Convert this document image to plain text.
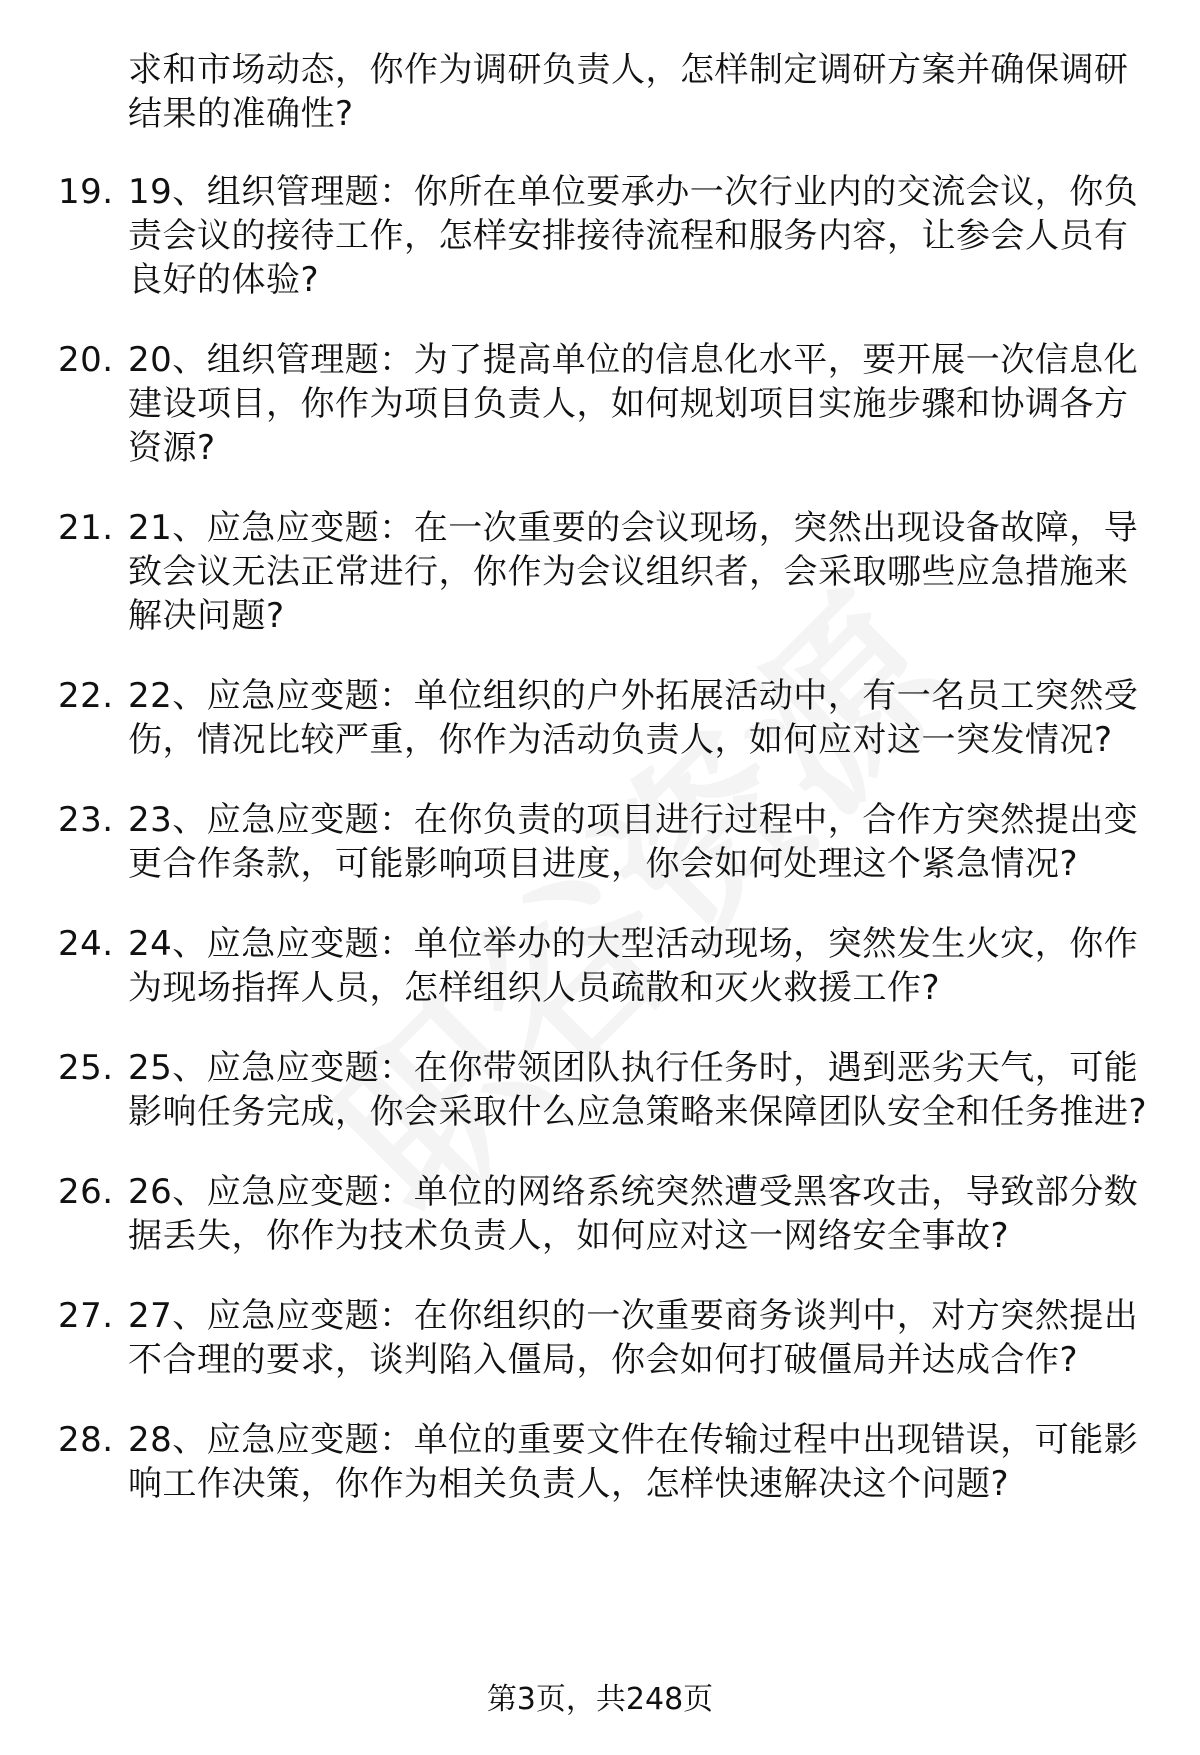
求和市场动态，你作为调研负责人，怎样制定调研方案并确保调研结果的准确性?
19. 19、组织管理题：你所在单位要承办一次行业内的交流会议，你负责会议的接待工作，怎样安排接待流程和服务内容，让参会人员有良好的体验?
20. 20、组织管理题：为了提高单位的信息化水平，要开展一次信息化建设项目，你作为项目负责人，如何规划项目实施步骤和协调各方资源?
21. 21、应急应变题：在一次重要的会议现场，突然出现设备故障，导致会议无法正常进行，你作为会议组织者，会采取哪些应急措施来解决问题?
22. 22、应急应变题：单位组织的户外拓展活动中，有一名员工突然受伤，情况比较严重，你作为活动负责人，如何应对这一突发情况?
23. 23、应急应变题：在你负责的项目进行过程中，合作方突然提出变更合作条款，可能影响项目进度，你会如何处理这个紧急情况?
24. 24、应急应变题：单位举办的大型活动现场，突然发生火灾，你作为现场指挥人员，怎样组织人员疏散和灭火救援工作?
25. 25、应急应变题：在你带领团队执行任务时，遇到恶劣天气，可能影响任务完成，你会采取什么应急策略来保障团队安全和任务推进?
26. 26、应急应变题：单位的网络系统突然遭受黑客攻击，导致部分数据丢失，你作为技术负责人，如何应对这一网络安全事故?
27. 27、应急应变题：在你组织的一次重要商务谈判中，对方突然提出不合理的要求，谈判陷入僵局，你会如何打破僵局并达成合作?
28. 28、应急应变题：单位的重要文件在传输过程中出现错误，可能影响工作决策，你作为相关负责人，怎样快速解决这个问题?
第3页，共248页
